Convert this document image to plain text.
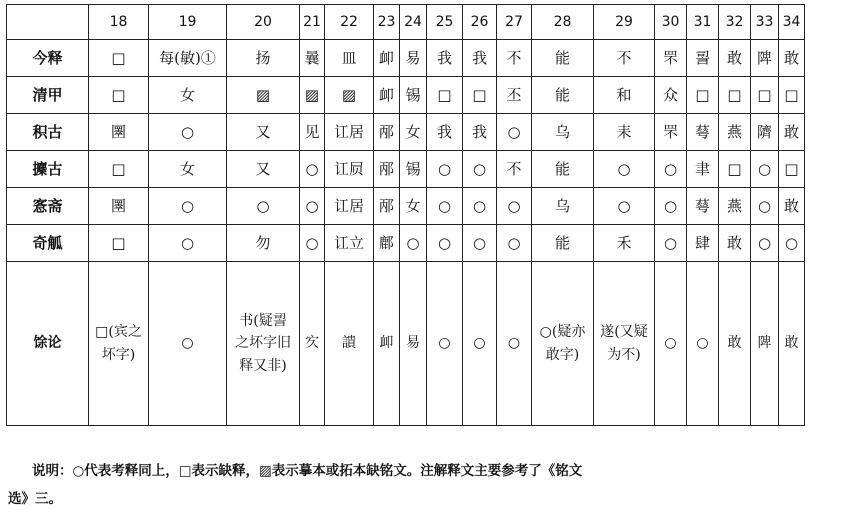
	18	19	20	21	22	23	24	25	26	27	28	29	30	31	32	33	34
今释	□	每(敏)①	扬	曩	皿	卹	易	我	我	不	能	不	罘	䛐	敢	陴	敢
清甲	□	女	▨	▨	▨	卹	锡	□	□	丕	能	和	众	□	□	□	□
积古	圛	○	又	见	讧居	邴	女	我	我	○	乌	耒	罘	䔢	燕	隮	敢
攈古	□	女	又	○	讧屃	邴	锡	○	○	不	能	○	○	聿	□	○	□
愙斋	圛	○	○	○	讧居	邴	女	○	○	○	乌	○	○	䔢	燕	○	敢
奇觚	□	○	勿	○	讧立	鄜	○	○	○	○	能	禾	○	肆	敢	○	○
馀论	□(宾之坏字)	○	书(疑䛐之坏字旧释又非)	㝌	䜋	卹	易	○	○	○	○(疑亦敢字)	遂(又疑为不)	○	○	敢	陴	敢
说明：○代表考释同上，□表示缺释，▨表示摹本或拓本缺铭文。注解释文主要参考了《铭文
选》三。
